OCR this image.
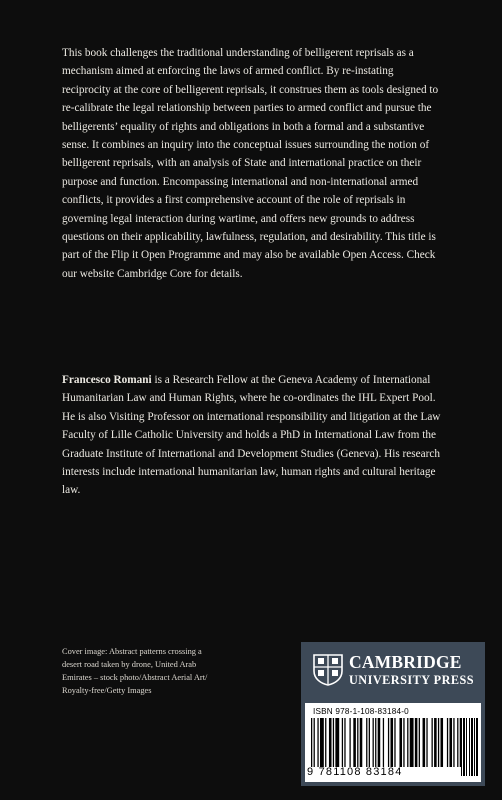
This book challenges the traditional understanding of belligerent reprisals as a mechanism aimed at enforcing the laws of armed conflict. By re-instating reciprocity at the core of belligerent reprisals, it construes them as tools designed to re-calibrate the legal relationship between parties to armed conflict and pursue the belligerents’ equality of rights and obligations in both a formal and a substantive sense. It combines an inquiry into the conceptual issues surrounding the notion of belligerent reprisals, with an analysis of State and international practice on their purpose and function. Encompassing international and non-international armed conflicts, it provides a first comprehensive account of the role of reprisals in governing legal interaction during wartime, and offers new grounds to address questions on their applicability, lawfulness, regulation, and desirability. This title is part of the Flip it Open Programme and may also be available Open Access. Check our website Cambridge Core for details.

Francesco Romani is a Research Fellow at the Geneva Academy of International Humanitarian Law and Human Rights, where he co-ordinates the IHL Expert Pool. He is also Visiting Professor on international responsibility and litigation at the Law Faculty of Lille Catholic University and holds a PhD in International Law from the Graduate Institute of International and Development Studies (Geneva). His research interests include international humanitarian law, human rights and cultural heritage law.

Cover image: Abstract patterns crossing a desert road taken by drone, United Arab Emirates – stock photo/Abstract Aerial Art/ Royalty-free/Getty Images
CAMBRIDGE
UNIVERSITY PRESS
ISBN 978-1-108-83184-0
9 781108 83184
